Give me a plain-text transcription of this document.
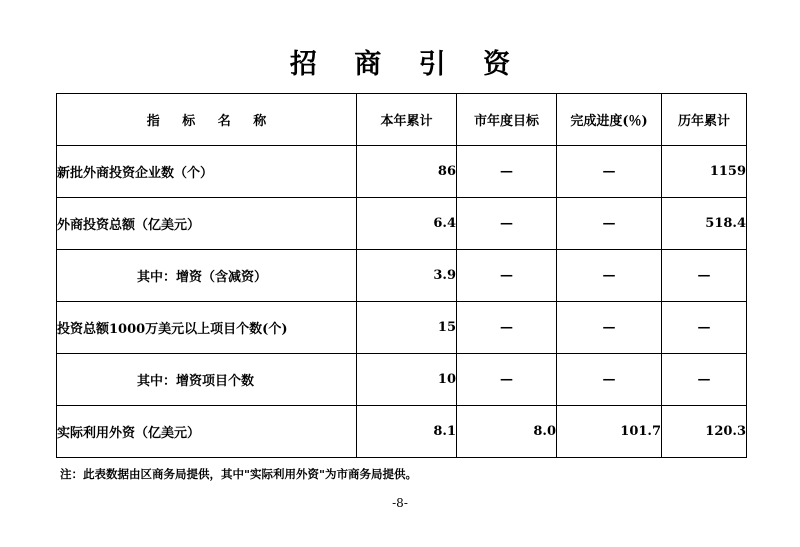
招 商 引 资
指 标 名 称	本年累计	市年度目标	完成进度(％)	历年累计
新批外商投资企业数（个）	86	—	—	1159
外商投资总额（亿美元）	6.4	—	—	518.4
其中：增资（含减资）	3.9	—	—	—
投资总额1000万美元以上项目个数(个)	15	—	—	—
其中：增资项目个数	10	—	—	—
实际利用外资（亿美元）	8.1	8.0	101.7	120.3
注：此表数据由区商务局提供，其中"实际利用外资"为市商务局提供。
-8-
